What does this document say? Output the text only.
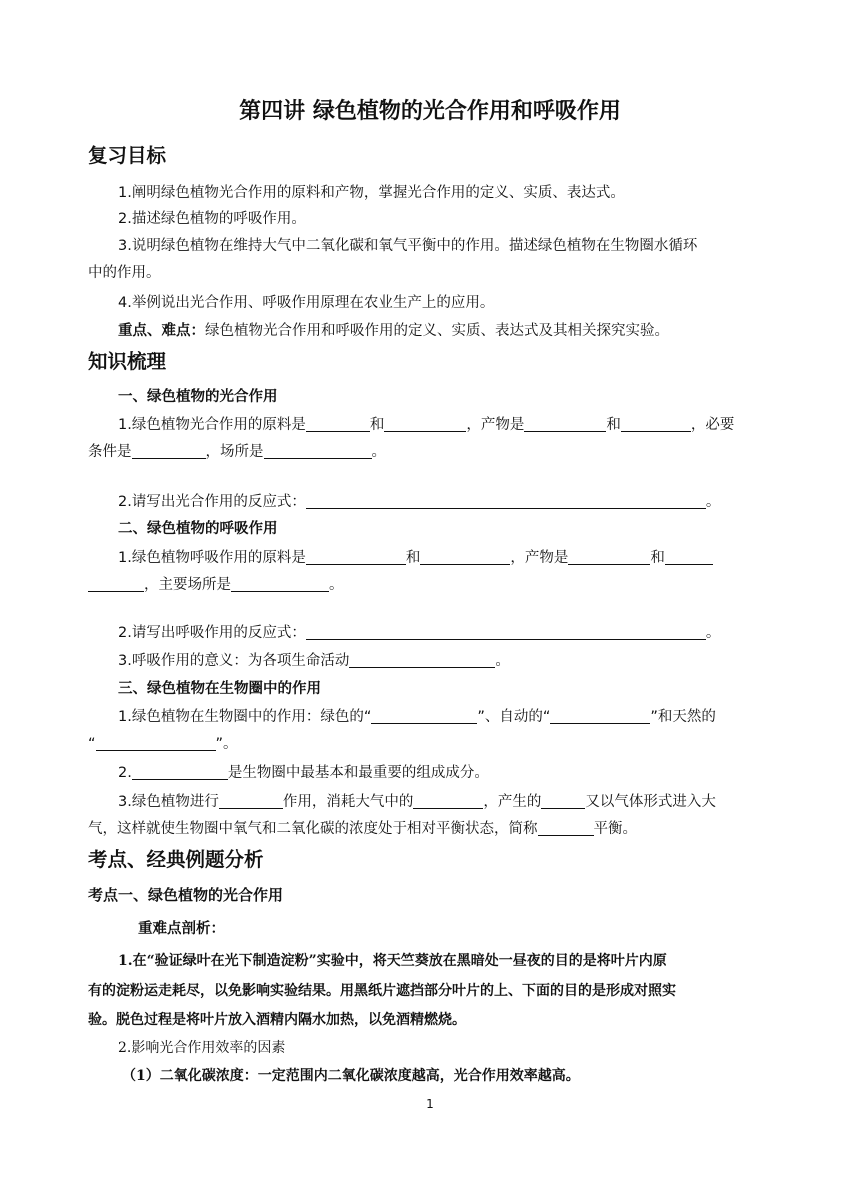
第四讲 绿色植物的光合作用和呼吸作用
复习目标
1.阐明绿色植物光合作用的原料和产物，掌握光合作用的定义、实质、表达式。
2.描述绿色植物的呼吸作用。
3.说明绿色植物在维持大气中二氧化碳和氧气平衡中的作用。描述绿色植物在生物圈水循环
中的作用。
4.举例说出光合作用、呼吸作用原理在农业生产上的应用。
重点、难点：绿色植物光合作用和呼吸作用的定义、实质、表达式及其相关探究实验。
知识梳理
一、绿色植物的光合作用
1.绿色植物光合作用的原料是	和	，产物是	和	，必要
条件是	，场所是	。
2.请写出光合作用的反应式：	。
二、绿色植物的呼吸作用
1.绿色植物呼吸作用的原料是	和	，产物是	和
，主要场所是	。
2.请写出呼吸作用的反应式：	。
3.呼吸作用的意义：为各项生命活动	。
三、绿色植物在生物圈中的作用
1.绿色植物在生物圈中的作用：绿色的“	”、自动的“	”和天然的
“	”。
2.	是生物圈中最基本和最重要的组成成分。
3.绿色植物进行	作用，消耗大气中的	，产生的	又以气体形式进入大
气，这样就使生物圈中氧气和二氧化碳的浓度处于相对平衡状态，简称	平衡。
考点、经典例题分析
考点一、绿色植物的光合作用
重难点剖析：
1.在“验证绿叶在光下制造淀粉”实验中，将天竺葵放在黑暗处一昼夜的目的是将叶片内原
有的淀粉运走耗尽，以免影响实验结果。用黑纸片遮挡部分叶片的上、下面的目的是形成对照实
验。脱色过程是将叶片放入酒精内隔水加热，以免酒精燃烧。
2.影响光合作用效率的因素
（1）二氧化碳浓度：一定范围内二氧化碳浓度越高，光合作用效率越高。
1
